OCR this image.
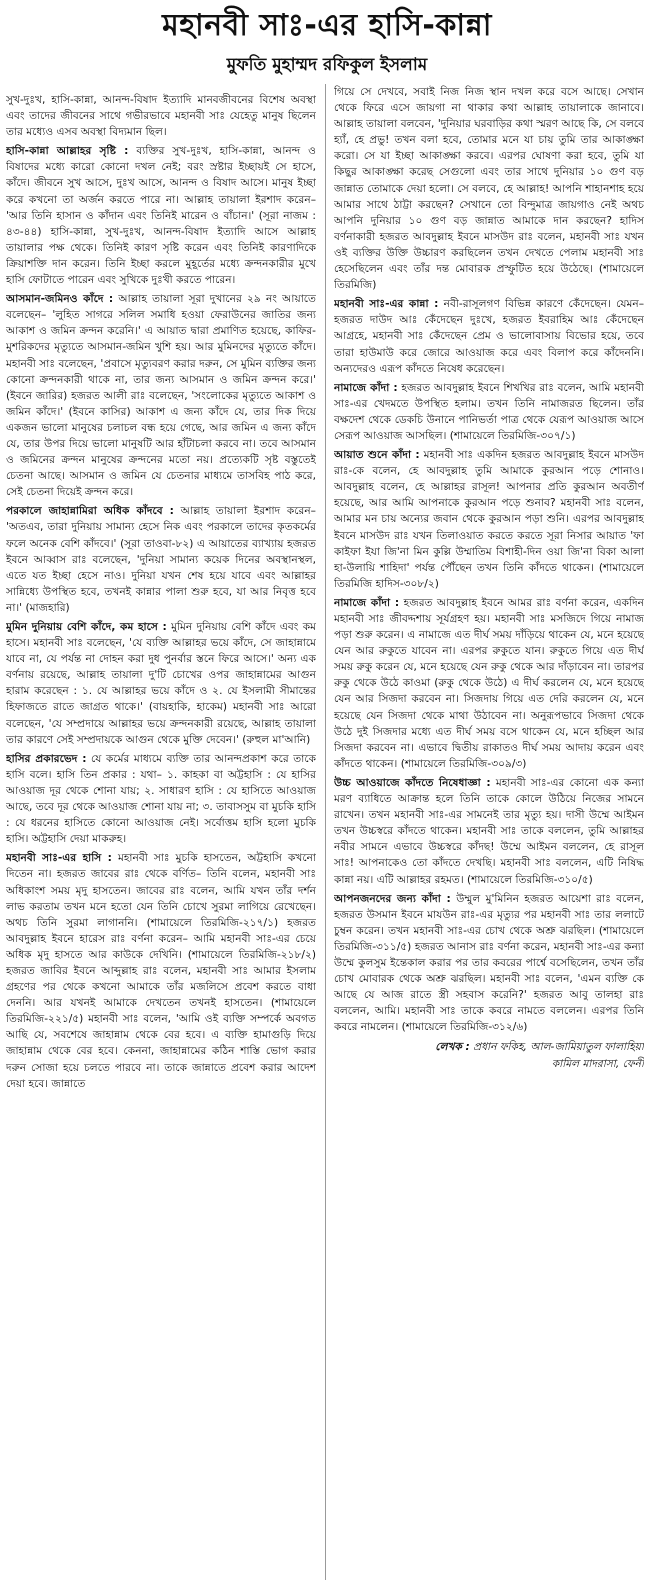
মহানবী সাঃ-এর হাসি-কান্না
মুফতি মুহাম্মদ রফিকুল ইসলাম

সুখ-দুঃখ, হাসি-কান্না, আনন্দ-বিষাদ ইত্যাদি মানবজীবনের বিশেষ অবস্থা এবং তাদের জীবনের সাথে গভীরভাবে মহানবী সাঃ যেহেতু মানুষ ছিলেন তার মধ্যেও এসব অবস্থা বিদ্যমান ছিল।

হাসি-কান্না আল্লাহর সৃষ্টি : ব্যক্তির সুখ-দুঃখ, হাসি-কান্না, আনন্দ ও বিষাদের মধ্যে কারো কোনো দখল নেই; বরং স্রষ্টার ইচ্ছায়ই সে হাসে, কাঁদে। জীবনে সুখ আসে, দুঃখ আসে, আনন্দ ও বিষাদ আসে। মানুষ ইচ্ছা করে কখনো তা অর্জন করতে পারে না। আল্লাহ তায়ালা ইরশাদ করেন– 'আর তিনি হাসান ও কাঁদান এবং তিনিই মারেন ও বাঁচান।' (সূরা নাজম : ৪৩-৪৪) হাসি-কান্না, সুখ-দুঃখ, আনন্দ-বিষাদ ইত্যাদি আসে আল্লাহ তায়ালার পক্ষ থেকে। তিনিই কারণ সৃষ্টি করেন এবং তিনিই কারণাদিকে ক্রিয়াশক্তি দান করেন। তিনি ইচ্ছা করলে মুহূর্তের মধ্যে ক্রন্দনকারীর মুখে হাসি ফোটাতে পারেন এবং সুখিকে দুঃখী করতে পারেন।

আসমান-জমিনও কাঁদে : আল্লাহ তায়ালা সূরা দুখানের ২৯ নং আয়াতে বলেছেন– 'লুহিত সাগরে সলিল সমাধি হওয়া ফেরাউনের জাতির জন্য আকাশ ও জমিন ক্রন্দন করেনি।' এ আয়াত দ্বারা প্রমাণিত হয়েছে, কাফির-মুশরিকদের মৃত্যুতে আসমান-জমিন খুশি হয়। আর মুমিনদের মৃত্যুতে কাঁদে। মহানবী সাঃ বলেছেন, 'প্রবাসে মৃত্যুবরণ করার দরুন, সে মুমিন ব্যক্তির জন্য কোনো ক্রন্দনকারী থাকে না, তার জন্য আসমান ও জমিন ক্রন্দন করে।' (ইবনে জারির) হজরত আলী রাঃ বলেছেন, 'সংলোকের মৃত্যুতে আকাশ ও জমিন কাঁদে।' (ইবনে কাসির) আকাশ এ জন্য কাঁদে যে, তার দিক দিয়ে একজন ভালো মানুষের চলাচল বন্ধ হয়ে গেছে, আর জমিন এ জন্য কাঁদে যে, তার উপর দিয়ে ভালো মানুষটি আর হাঁটাচলা করবে না। তবে আসমান ও জমিনের ক্রন্দন মানুষের ক্রন্দনের মতো নয়। প্রত্যেকটি সৃষ্ট বস্তুতেই চেতনা আছে। আসমান ও জমিন যে চেতনার মাধ্যমে তাসবিহ পাঠ করে, সেই চেতনা দিয়েই ক্রন্দন করে।

পরকালে জাহান্নামিরা অধিক কাঁদবে : আল্লাহ তায়ালা ইরশাদ করেন– 'অতএব, তারা দুনিয়ায় সামান্য হেসে নিক এবং পরকালে তাদের কৃতকর্মের ফলে অনেক বেশি কাঁদবে।' (সূরা তাওবা-৮২) এ আয়াতের ব্যাখ্যায় হজরত ইবনে আব্বাস রাঃ বলেছেন, 'দুনিয়া সামান্য কয়েক দিনের অবস্থানস্থল, এতে যত ইচ্ছা হেসে নাও। দুনিয়া যখন শেষ হয়ে যাবে এবং আল্লাহর সান্নিধ্যে উপস্থিত হবে, তখনই কান্নার পালা শুরু হবে, যা আর নিবৃত্ত হবে না।' (মাজহারি)

মুমিন দুনিয়ায় বেশি কাঁদে, কম হাসে : মুমিন দুনিয়ায় বেশি কাঁদে এবং কম হাসে। মহানবী সাঃ বলেছেন, 'যে ব্যক্তি আল্লাহর ভয়ে কাঁদে, সে জাহান্নামে যাবে না, যে পর্যন্ত না দোহন করা দুধ পুনর্বার স্তনে ফিরে আসে।' অন্য এক বর্ণনায় রয়েছে, আল্লাহ তায়ালা দু'টি চোখের ওপর জাহান্নামের আগুন হারাম করেছেন : ১. যে আল্লাহর ভয়ে কাঁদে ও ২. যে ইসলামী সীমান্তের হিফাজতে রাতে জাগ্রত থাকে।' (বায়হাকি, হাকেম) মহানবী সাঃ আরো বলেছেন, 'যে সম্প্রদায়ে আল্লাহর ভয়ে ক্রন্দনকারী রয়েছে, আল্লাহ তায়ালা তার কারণে সেই সম্প্রদায়কে আগুন থেকে মুক্তি দেবেন।' (রুহুল মা'আনি)

হাসির প্রকারভেদ : যে কর্মের মাধ্যমে ব্যক্তি তার আনন্দপ্রকাশ করে তাকে হাসি বলে। হাসি তিন প্রকার : যথা– ১. কাহকা বা অট্টহাসি : যে হাসির আওয়াজ দূর থেকে শোনা যায়; ২. সাধারণ হাসি : যে হাসিতে আওয়াজ আছে, তবে দূর থেকে আওয়াজ শোনা যায় না; ৩. তাবাসসুম বা মুচকি হাসি : যে ধরনের হাসিতে কোনো আওয়াজ নেই। সর্বোত্তম হাসি হলো মুচকি হাসি। অট্টহাসি দেয়া মাকরুহ।

মহানবী সাঃ-এর হাসি : মহানবী সাঃ মুচকি হাসতেন, অট্টহাসি কখনো দিতেন না। হজরত জাবের রাঃ থেকে বর্ণিত– তিনি বলেন, মহানবী সাঃ অধিকাংশ সময় মৃদু হাসতেন। জাবের রাঃ বলেন, আমি যখন তাঁর দর্শন লাভ করতাম তখন মনে হতো যেন তিনি চোখে সুরমা লাগিয়ে রেখেছেন। অথচ তিনি সুরমা লাগাননি। (শামায়েলে তিরমিজি-২১৭/১) হজরত আবদুল্লাহ ইবনে হারেস রাঃ বর্ণনা করেন– আমি মহানবী সাঃ-এর চেয়ে অধিক মৃদু হাসতে আর কাউকে দেখিনি। (শামায়েলে তিরমিজি-২১৮/২) হজরত জাবির ইবনে আব্দুল্লাহ রাঃ বলেন, মহানবী সাঃ আমার ইসলাম গ্রহণের পর থেকে কখনো আমাকে তাঁর মজলিসে প্রবেশ করতে বাধা দেননি। আর যখনই আমাকে দেখতেন তখনই হাসতেন। (শামায়েলে তিরমিজি-২২১/৫) মহানবী সাঃ বলেন, 'আমি ওই ব্যক্তি সম্পর্কে অবগত আছি যে, সবশেষে জাহান্নাম থেকে বের হবে। এ ব্যক্তি হামাগুড়ি দিয়ে জাহান্নাম থেকে বের হবে। কেননা, জাহান্নামের কঠিন শাস্তি ভোগ করার দরুন সোজা হয়ে চলতে পারবে না। তাকে জান্নাতে প্রবেশ করার আদেশ দেয়া হবে। জান্নাতে

গিয়ে সে দেখবে, সবাই নিজ নিজ স্থান দখল করে বসে আছে। সেখান থেকে ফিরে এসে জায়গা না থাকার কথা আল্লাহ তায়ালাকে জানাবে। আল্লাহ তায়ালা বলবেন, 'দুনিয়ার ঘরবাড়ির কথা স্মরণ আছে কি, সে বলবে হ্যাঁ, হে প্রভু! তখন বলা হবে, তোমার মনে যা চায় তুমি তার আকাঙ্ক্ষা করো। সে যা ইচ্ছা আকাঙ্ক্ষা করবে। এরপর ঘোষণা করা হবে, তুমি যা কিছুর আকাঙ্ক্ষা করেছ সেগুলো এবং তার সাথে দুনিয়ার ১০ গুণ বড় জান্নাত তোমাকে দেয়া হলো। সে বলবে, হে আল্লাহ! আপনি শাহানশাহ হয়ে আমার সাথে ঠাট্টা করছেন? সেখানে তো বিন্দুমাত্র জায়গাও নেই অথচ আপনি দুনিয়ার ১০ গুণ বড় জান্নাত আমাকে দান করছেন? হাদিস বর্ণনাকারী হজরত আবদুল্লাহ ইবনে মাসউদ রাঃ বলেন, মহানবী সাঃ যখন ওই ব্যক্তির উক্তি উচ্চারণ করছিলেন তখন দেখতে পেলাম মহানবী সাঃ হেসেছিলেন এবং তাঁর দন্ত মোবারক প্রস্ফুটিত হয়ে উঠেছে। (শামায়েলে তিরমিজি)

মহানবী সাঃ-এর কান্না : নবী-রাসূলগণ বিভিন্ন কারণে কেঁদেছেন। যেমন– হজরত দাউদ আঃ কেঁদেছেন দুঃখে, হজরত ইবরাহিম আঃ কেঁদেছেন আগ্রহে, মহানবী সাঃ কেঁদেছেন প্রেম ও ভালোবাসায় বিভোর হয়ে, তবে তারা হাউমাউ করে জোরে আওয়াজ করে এবং বিলাপ করে কাঁদেননি। অন্যদেরও এরূপ কাঁদতে নিষেধ করেছেন।

নামাজে কাঁদা : হজরত আবদুল্লাহ ইবনে শিখখির রাঃ বলেন, আমি মহানবী সাঃ-এর খেদমতে উপস্থিত হলাম। তখন তিনি নামাজরত ছিলেন। তাঁর বক্ষদেশ থেকে ডেকচি উনানে পানিভর্তা পাত্র থেকে যেরূপ আওয়াজ আসে সেরূপ আওয়াজ আসছিল। (শামায়েলে তিরমিজি-৩০৭/১)

আয়াত শুনে কাঁদা : মহানবী সাঃ একদিন হজরত আবদুল্লাহ ইবনে মাসউদ রাঃ-কে বলেন, হে আবদুল্লাহ তুমি আমাকে কুরআন পড়ে শোনাও। আবদুল্লাহ বলেন, হে আল্লাহর রাসূল! আপনার প্রতি কুরআন অবতীর্ণ হয়েছে, আর আমি আপনাকে কুরআন পড়ে শুনাব? মহানবী সাঃ বলেন, আমার মন চায় অন্যের জবান থেকে কুরআন পড়া শুনি। এরপর আবদুল্লাহ ইবনে মাসউদ রাঃ যখন তিলাওয়াত করতে করতে সূরা নিসার আয়াত 'ফা কাইফা ইযা জি'না মিন কুল্লি উম্মাতিম বিশাহী-দিন ওয়া জি'না বিকা আলা হা-উলায়ি শাহিদা' পর্যন্ত পৌঁছেন তখন তিনি কাঁদতে থাকেন। (শামায়েলে তিরমিজি হাদিস-৩০৮/২)

নামাজে কাঁদা : হজরত আবদুল্লাহ ইবনে আমর রাঃ বর্ণনা করেন, একদিন মহানবী সাঃ জীবদ্দশায় সূর্যগ্রহণ হয়। মহানবী সাঃ মসজিদে গিয়ে নামাজ পড়া শুরু করেন। এ নামাজে এত দীর্ঘ সময় দাঁড়িয়ে থাকেন যে, মনে হয়েছে যেন আর রুকুতে যাবেন না। এরপর রুকুতে যান। রুকুতে গিয়ে এত দীর্ঘ সময় রুকু করেন যে, মনে হয়েছে যেন রুকু থেকে আর দাঁড়াবেন না। তারপর রুকু থেকে উঠে কাওমা (রুকু থেকে উঠে) এ দীর্ঘ করলেন যে, মনে হয়েছে যেন আর সিজদা করবেন না। সিজদায় গিয়ে এত দেরি করলেন যে, মনে হয়েছে যেন সিজদা থেকে মাথা উঠাবেন না। অনুরূপভাবে সিজদা থেকে উঠে দুই সিজদার মধ্যে এত দীর্ঘ সময় বসে থাকেন যে, মনে হচ্ছিল আর সিজদা করবেন না। এভাবে দ্বিতীয় রাকাতও দীর্ঘ সময় আদায় করেন এবং কাঁদতে থাকেন। (শামায়েলে তিরমিজি-৩০৯/৩)

উচ্চ আওয়াজে কাঁদতে নিষেধাজ্ঞা : মহানবী সাঃ-এর কোনো এক কন্যা মরণ ব্যাধিতে আক্রান্ত হলে তিনি তাকে কোলে উঠিয়ে নিজের সামনে রাখেন। তখন মহানবী সাঃ-এর সামনেই তার মৃত্যু হয়। দাসী উম্মে আইমন তখন উচ্চস্বরে কাঁদতে থাকেন। মহানবী সাঃ তাকে বললেন, তুমি আল্লাহর নবীর সামনে এভাবে উচ্চস্বরে কাঁদছ! উম্মে আইমন বললেন, হে রাসূল সাঃ! আপনাকেও তো কাঁদতে দেখছি। মহানবী সাঃ বললেন, এটি নিষিদ্ধ কান্না নয়। এটি আল্লাহর রহমত। (শামায়েলে তিরমিজি-৩১০/৫)

আপনজনদের জন্য কাঁদা : উম্মুল মু'মিনিন হজরত আয়েশা রাঃ বলেন, হজরত উসমান ইবনে মাযউন রাঃ-এর মৃত্যুর পর মহানবী সাঃ তার ললাটে চুম্বন করেন। তখন মহানবী সাঃ-এর চোখ থেকে অশ্রু ঝরছিল। (শামায়েলে তিরমিজি-৩১১/৫) হজরত আনাস রাঃ বর্ণনা করেন, মহানবী সাঃ-এর কন্যা উম্মে কুলসুম ইন্তেকাল করার পর তার কবরের পার্শ্বে বসেছিলেন, তখন তাঁর চোখ মোবারক থেকে অশ্রু ঝরছিল। মহানবী সাঃ বলেন, 'এমন ব্যক্তি কে আছে যে আজ রাতে স্ত্রী সহবাস করেনি?' হজরত আবু তালহা রাঃ বললেন, আমি। মহানবী সাঃ তাকে কবরে নামতে বললেন। এরপর তিনি কবরে নামলেন। (শামায়েলে তিরমিজি-৩১২/৬)

লেখক : প্রধান ফকিহ, আল-জামিয়াতুল ফালাহিয়া
কামিল মাদরাসা, ফেনী
